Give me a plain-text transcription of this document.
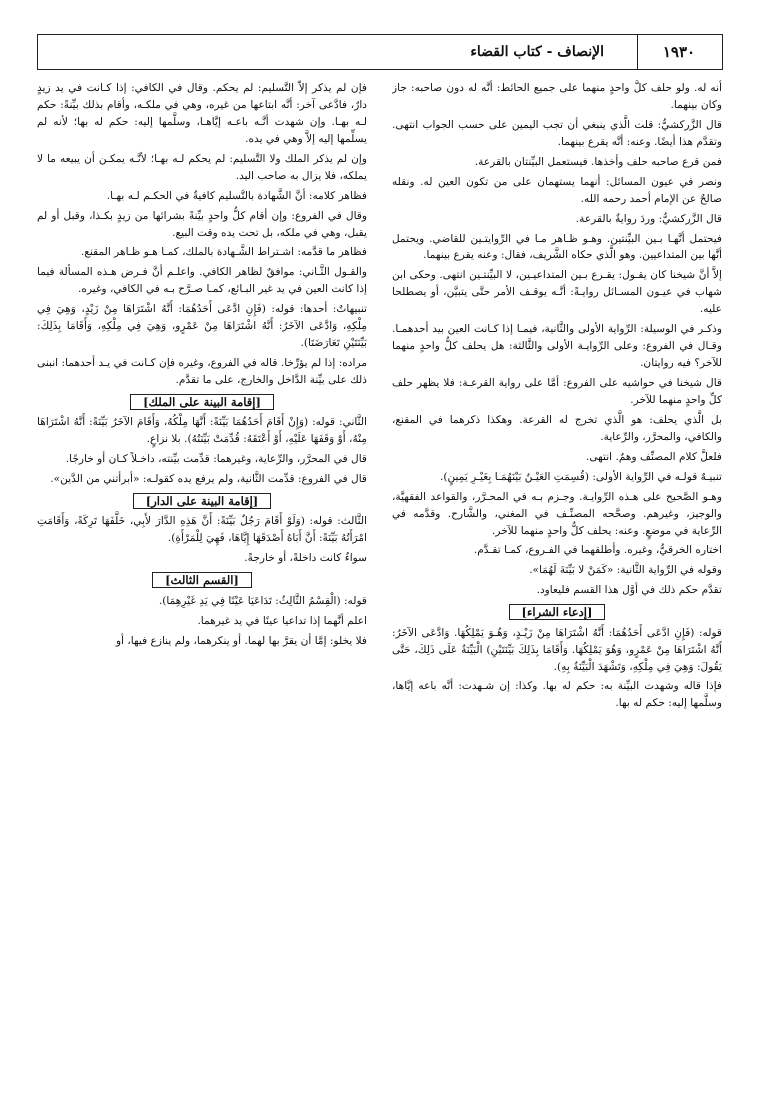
الإنصاف - كتاب القضاء	١٩٣٠

أنه له. ولو حلف كلُّ واحدٍ منهما على جميع الحائط: أنَّه له دون صاحبه: جاز وكان بينهما.

قال الزَّركشيُّ: قلت الَّذي ينبغي أن تجب اليمين على حسب الجواب انتهى. وتقدَّم هذا أيضًا. وعنه: أنَّه يقرع بينهما.

فمن قرع صاحبه حلف وأخذها. فيستعمل البيِّنتان بالقرعة.

ونصر في عيون المسائل: أنهما يستهمان على من تكون العين له. ونقله صالحٌ عن الإمام أحمد رحمه الله.

قال الزَّركشيُّ: وردَ روايةٌ بالقرعة.

فيحتمل أنَّهـا بـين البيِّنتين. وهـو ظـاهر مـا في الرِّوايتـين للقاضي. ويحتمل أنَّها بين المتداعيين. وهو الَّذي حكاه الشَّريف، فقال: وعنه يقرع بينهما.

إلاَّ أنَّ شيخنا كان يقـول: يقـرع بـين المتداعيـين، لا البيِّنتـين انتهى. وحكى ابن شهاب في عيـون المسـائل روايـةً: أنَّـه يوقـف الأمر حتَّى يتبيَّن، أو يصطلحا عليه.

وذكـر في الوسيلة: الرِّواية الأولى والثَّانية، فيمـا إذا كـانت العين بيد أحدهمـا. وقـال في الفروع: وعلى الرِّوايـة الأولى والثَّالثة: هل يحلف كلُّ واحدٍ منهما للآخر؟ فيه روايتان.

قال شيخنا في حواشيه على الفروع: أمَّا على رواية القرعـة: فلا يظهر حلف كلِّ واحدٍ منهما للآخر.

بل الَّذي يحلف: هو الَّذي تخرج له القرعة. وهكذا ذكرهما في المقنع، والكافي، والمحرَّر، والرِّعاية.

فلعلَّ كلام المصنِّف وهمٌ. انتهى.

تنبيـهٌ قولـه في الرِّواية الأولى: (قُسِمَتِ العَيْـنُ بَيْنَهُمَـا بِغَيْـرِ يَمِينٍ).

وهـو الصَّحيح على هـذه الرِّوايـة. وجـزم بـه في المحـرَّر، والقواعد الفقهيَّة، والوجيز، وغيرهم. وصحَّحه المصنِّـف في المغني، والشَّارح. وقدَّمه في الرِّعاية في موضعٍ. وعنه: يحلف كلُّ واحدٍ منهما للآخر.

اختاره الخرقيُّ، وغيره. وأطلقهما في الفـروع، كمـا تقـدَّم.

وقوله في الرِّواية الثَّانية: «كَمَنْ لا بَيِّنَةَ لَهُمَا».

تقدَّم حكم ذلك في أوَّل هذا القسم فليعاود.

[إدعاء الشراء]

قوله: (فَإِنِ ادَّعَى أَحَدُهُمَا: أَنَّهُ اشْتَرَاهَا مِنْ زَيْـدٍ، وَهُـوَ يَمْلِكُهَا. وَادَّعَى الآخَرُ: أَنَّهُ اشْتَرَاهَا مِنْ عَمْرٍو، وَهُوَ يَمْلِكُهَا. وَأَقَامَا بِذَلِكَ بَيِّنَتَيْنِ) الْبَيِّنَةُ عَلَى ذَلِكَ، حَتَّى يَقُولَ: وَهِيَ فِي مِلْكِهِ، وَتَشْهَدَ الْبَيِّنَةُ بِهِ).

فإذا قاله وشهدت البيِّنة به: حكم له بها. وكذا: إن شـهدت: أنَّه باعه إيَّاها، وسلَّمها إليه: حكم له بها.

فإن لم يذكر إلاَّ التَّسليم: لم يحكم. وقال في الكافي: إذا كـانت في يد زيدٍ دارٌ، فادَّعى آخر: أنَّه ابتاعها من غيره، وهي في ملكـه، وأقام بذلك بيِّنةً: حكم لـه بهـا. وإن شهدت أنَّـه باعـه إيَّاهـا، وسلَّمها إليه: حكم له بها؛ لأنه لم يسلِّمها إليه إلاَّ وهي في يده.

وإن لم يذكر الملك ولا التَّسليم: لم يحكم لـه بهـا؛ لأنَّـه يمكـن أن يبيعه ما لا يملكه، فلا يزال به صاحب اليد.

فظاهر كلامه: أنَّ الشَّهادة بالتَّسليم كافيةٌ في الحكـم لـه بهـا.

وقال في الفروع: وإن أقام كلُّ واحدٍ بيِّنةً بشرائها من زيدٍ بكـذا، وقبل أو لم يقبل، وهي في ملكه، بل تحت يده وقت البيع.

فظاهر ما قدَّمه: اشـتراط الشَّـهادة بالملك، كمـا هـو ظـاهر المقنع.

والقـول الثَّـاني: موافقٌ لظاهر الكافي. واعلـم أنَّ فـرض هـذه المسألة فيما إذا كانت العين في يد غير البـائع، كمـا صـرَّح بـه في الكافي، وغيره.

تنبيهاتٌ: أحدها: قوله: (فَإِنِ ادَّعَى أَحَدُهُمَا: أَنَّهُ اشْتَرَاهَا مِنْ زَيْدٍ، وَهِيَ فِي مِلْكِهِ، وَادَّعَى الآخَرُ: أَنَّهُ اشْتَرَاهَا مِنْ عَمْرٍو، وَهِيَ فِي مِلْكِهِ، وَأَقَامَا بِذَلِكَ: بَيِّنَتَيْنِ تَعَارَضَتَا).

مراده: إذا لم يؤرِّخا. قاله في الفروع، وغيره فإن كـانت في يـد أحدهما: انبنى ذلك على بيِّنة الدَّاخل والخارج، على ما تقدَّم.

[إقامة البينة على الملك]

الثَّاني: قوله: (وَإِنْ أَقَامَ أَحَدُهُمَا بَيِّنَةً: أَنَّهَا مِلْكُهُ، وَأَقَامَ الآخَرُ بَيِّنَةً: أَنَّهُ اشْتَرَاهَا مِنْهُ، أَوْ وَقَفَهَا عَلَيْهِ، أَوْ أَعْتَقَهُ: قُدِّمَتْ بَيِّنَتُهُ). بلا نزاعٍ.

قال في المحرَّر، والرِّعاية، وغيرهما: قدِّمت بيِّنته، داخـلاً كـان أو خارجًا.

قال في الفروع: قدِّمت الثَّانية، ولم يرفع يده كقولـه: «أبرأتني من الدَّين».

[إقامة البينة على الدار]

الثَّالث: قوله: (وَلَوْ أَقَامَ رَجُلٌ بَيِّنَةً: أَنَّ هَذِهِ الدَّارَ لأَبِي، خَلَّفَهَا تَرِكَةً، وَأَقَامَتِ امْرَأَتُهُ بَيِّنَةً: أَنَّ أَبَاهُ أَصْدَقَهَا إِيَّاهَا، فَهِيَ لِلْمَرْأَةِ).

سواءٌ كانت داخلةً، أو خارجةً.

[القسم الثالث]

قوله: (الْقِسْمُ الثَّالِثُ: تَدَاعَيَا عَيْنًا فِي يَدِ غَيْرِهِمَا).

اعلم أنَّهما إذا تداعيا عينًا في يد غيرهما.

فلا يخلو: إمَّا أن يقرَّ بها لهما. أو ينكرهما، ولم ينازع فيها، أو
